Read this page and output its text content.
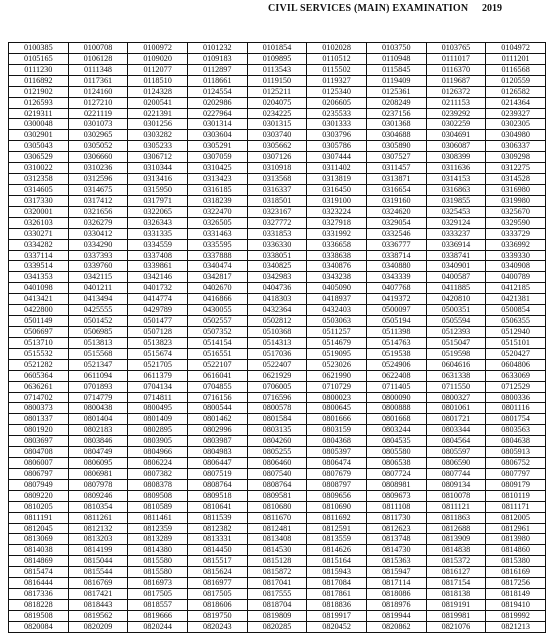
CIVIL SERVICES (MAIN) EXAMINATION 2019
0100385	0100708	0100972	0101232	0101854	0102028	0103750	0103765	0104972
0105165	0106128	0109020	0109183	0109895	0110512	0110948	0111017	0111201
0111230	0111348	0112077	0112897	0113543	0115502	0115845	0116370	0116568
0116892	0117361	0118510	0118661	0119150	0119327	0119409	0119687	0120559
0121902	0124160	0124328	0124554	0125211	0125340	0125361	0126372	0126582
0126593	0127210	0200541	0202986	0204075	0206605	0208249	0211153	0214364
0219311	0221119	0221391	0227964	0234225	0235533	0237156	0239292	0239327
0300048	0301073	0301256	0301314	0301315	0301333	0301368	0302259	0302305
0302901	0302965	0303282	0303604	0303740	0303796	0304688	0304691	0304980
0305043	0305052	0305233	0305291	0305662	0305786	0305890	0306087	0306337
0306529	0306660	0306712	0307059	0307126	0307444	0307527	0308399	0309298
0310022	0310236	0310344	0310425	0310918	0311402	0311457	0311636	0312275
0312358	0312596	0313416	0313423	0313568	0313819	0313871	0314153	0314528
0314605	0314675	0315950	0316185	0316337	0316450	0316654	0316863	0316980
0317330	0317412	0317971	0318239	0318501	0319100	0319160	0319855	0319980
0320001	0321656	0322065	0322470	0323167	0323224	0324620	0325453	0325670
0326103	0326279	0326343	0326505	0327772	0327918	0329054	0329124	0329590
0330271	0330412	0331335	0331463	0331853	0331992	0332546	0333237	0333729
0334282	0334290	0334559	0335595	0336330	0336658	0336777	0336914	0336992
0337114	0337393	0337408	0337888	0338051	0338638	0338714	0338741	0339330
0339514	0339760	0339861	0340474	0340825	0340876	0340880	0340901	0340908
0341353	0342115	0342146	0342817	0342983	0343238	0343339	0400587	0400789
0401098	0401211	0401732	0402670	0404736	0405090	0407768	0411885	0412185
0413421	0413494	0414774	0416866	0418303	0418937	0419372	0420810	0421381
0422800	0425555	0429789	0430055	0432364	0432403	0500097	0500351	0500854
0501149	0501452	0501477	0502557	0502812	0503063	0505194	0505594	0506355
0506697	0506985	0507128	0507352	0510368	0511257	0511398	0512393	0512940
0513710	0513813	0513823	0514154	0514313	0514679	0514763	0515047	0515101
0515532	0515568	0515674	0516551	0517036	0519095	0519538	0519598	0520427
0521282	0521347	0521705	0522107	0522407	0523026	0524906	0604616	0604806
0605364	0611094	0611379	0616041	0621929	0621990	0622408	0631338	0633069
0636261	0701893	0704134	0704855	0706005	0710729	0711405	0711550	0712529
0714702	0714779	0714811	0716156	0716596	0800023	0800090	0800327	0800336
0800373	0800438	0800495	0800544	0800578	0800645	0800888	0801061	0801116
0801337	0801404	0801409	0801462	0801584	0801666	0801668	0801721	0801754
0801920	0802183	0802895	0802996	0803135	0803159	0803244	0803344	0803563
0803697	0803846	0803905	0803987	0804260	0804368	0804535	0804564	0804638
0804708	0804749	0804966	0804983	0805255	0805397	0805580	0805597	0805913
0806007	0806095	0806224	0806447	0806460	0806474	0806538	0806590	0806752
0806797	0806981	0807382	0807519	0807540	0807679	0807724	0807744	0807797
0807949	0807978	0808378	0808764	0808764	0808797	0808981	0809134	0809179
0809220	0809246	0809508	0809518	0809581	0809656	0809673	0810078	0810119
0810205	0810354	0810589	0810641	0810680	0810690	0811108	0811121	0811171
0811191	0811261	0811461	0811539	0811670	0811692	0811730	0811863	0812005
0812045	0812132	0812359	0812382	0812481	0812591	0812623	0812688	0812961
0813069	0813203	0813289	0813331	0813408	0813559	0813748	0813909	0813980
0814038	0814199	0814380	0814450	0814530	0814626	0814730	0814838	0814860
0814869	0815044	0815580	0815517	0815128	0815164	0815363	0815372	0815380
0815474	0815544	0815580	0815624	0815872	0815943	0815947	0816127	0816169
0816444	0816769	0816973	0816977	0817041	0817084	0817114	0817154	0817256
0817336	0817421	0817505	0817505	0817555	0817861	0818086	0818138	0818149
0818228	0818443	0818557	0818606	0818704	0818836	0818976	0819191	0819410
0819508	0819562	0819666	0819750	0819809	0819917	0819944	0819981	0819992
0820084	0820209	0820244	0820243	0820285	0820452	0820862	0821076	0821213
